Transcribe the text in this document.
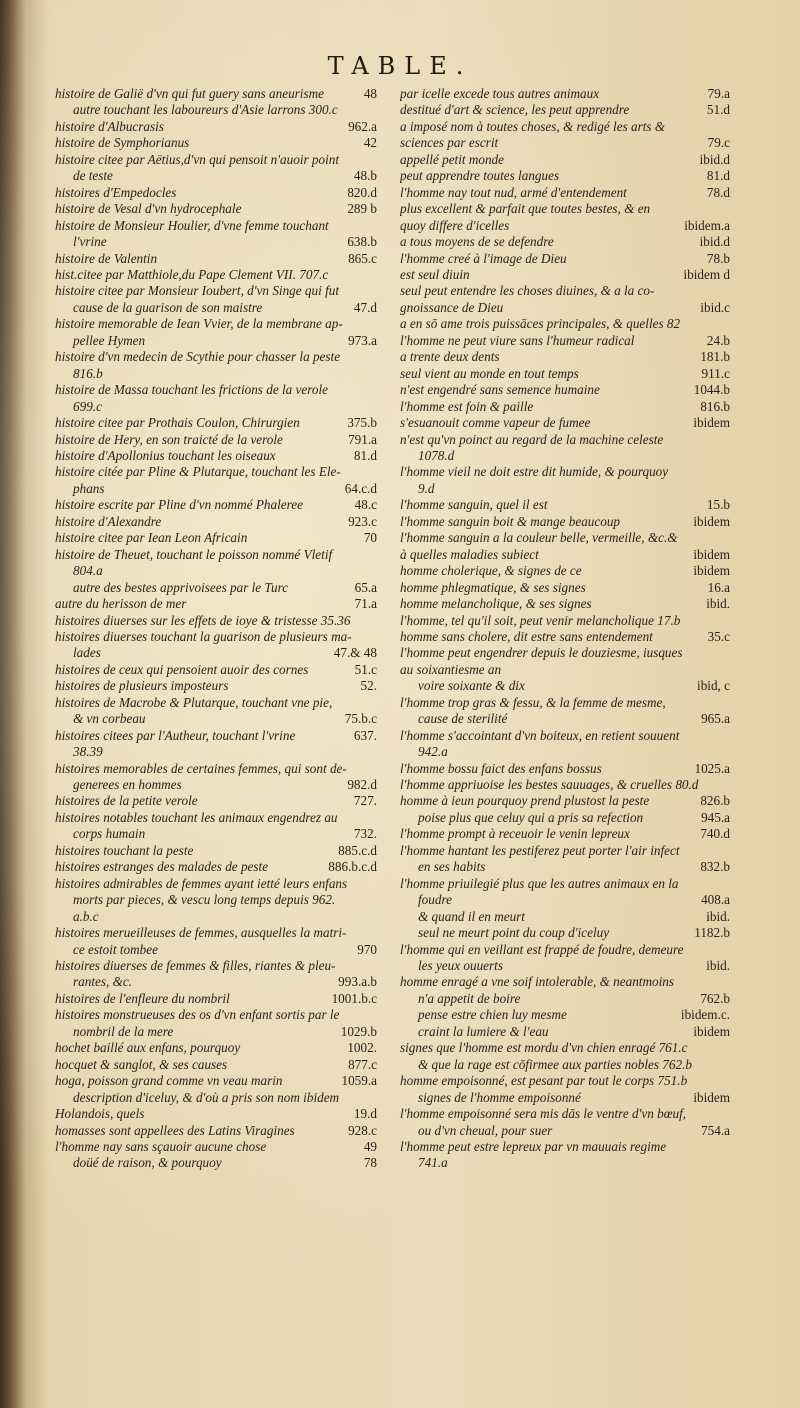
TABLE.
histoire de Galië d'vn qui fut guery sans aneurisme	48
autre touchant les laboureurs d'Asie larrons 300.c
histoire d'Albucrasis	962.a
histoire de Symphorianus	42
histoire citee par Aëtius,d'vn qui pensoit n'auoir point
de teste	48.b
histoires d'Empedocles	820.d
histoire de Vesal d'vn hydrocephale	289 b
histoire de Monsieur Houlier, d'vne femme touchant
l'vrine	638.b
histoire de Valentin	865.c
hist.citee par Matthiole,du Pape Clement VII. 707.c
histoire citee par Monsieur Ioubert, d'vn Singe qui fut
cause de la guarison de son maistre	47.d
histoire memorable de Iean Vvier, de la membrane ap-
pellee Hymen	973.a
histoire d'vn medecin de Scythie pour chasser la peste
816.b
histoire de Massa touchant les frictions de la verole
699.c
histoire citee par Prothais Coulon, Chirurgien	375.b
histoire de Hery, en son traicté de la verole	791.a
histoire d'Apollonius touchant les oiseaux	81.d
histoire citée par Pline & Plutarque, touchant les Ele-
phans	64.c.d
histoire escrite par Pline d'vn nommé Phaleree	48.c
histoire d'Alexandre	923.c
histoire citee par Iean Leon Africain	70
histoire de Theuet, touchant le poisson nommé Vletif
804.a
autre des bestes apprivoisees par le Turc	65.a
autre du herisson de mer	71.a
histoires diuerses sur les effets de ioye & tristesse 35.36
histoires diuerses touchant la guarison de plusieurs ma-
lades	47.& 48
histoires de ceux qui pensoient auoir des cornes	51.c
histoires de plusieurs imposteurs	52.
histoires de Macrobe & Plutarque, touchant vne pie,
& vn corbeau	75.b.c
histoires citees par l'Autheur, touchant l'vrine	637.
38.39
histoires memorables de certaines femmes, qui sont de-
generees en hommes	982.d
histoires de la petite verole	727.
histoires notables touchant les animaux engendrez au
corps humain	732.
histoires touchant la peste	885.c.d
histoires estranges des malades de peste	886.b.c.d
histoires admirables de femmes ayant ietté leurs enfans
morts par pieces, & vescu long temps depuis 962.
a.b.c
histoires merueilleuses de femmes, ausquelles la matri-
ce estoit tombee	970
histoires diuerses de femmes & filles, riantes & pleu-
rantes, &c.	993.a.b
histoires de l'enfleure du nombril	1001.b.c
histoires monstrueuses des os d'vn enfant sortis par le
nombril de la mere	1029.b
hochet baillé aux enfans, pourquoy	1002.
hocquet & sanglot, & ses causes	877.c
hoga, poisson grand comme vn veau marin	1059.a
description d'iceluy, & d'où a pris son nom ibidem
Holandois, quels	19.d
homasses sont appellees des Latins Viragines	928.c
l'homme nay sans sçauoir aucune chose	49
doüé de raison, & pourquoy	78
par icelle excede tous autres animaux	79.a
destitué d'art & science, les peut apprendre	51.d
a imposé nom à toutes choses, & redigé les arts &
sciences par escrit	79.c
appellé petit monde	ibid.d
peut apprendre toutes langues	81.d
l'homme nay tout nud, armé d'entendement	78.d
plus excellent & parfait que toutes bestes, & en
quoy differe d'icelles	ibidem.a
a tous moyens de se defendre	ibid.d
l'homme creé à l'image de Dieu	78.b
est seul diuin	ibidem d
seul peut entendre les choses diuines, & a la co-
gnoissance de Dieu	ibid.c
a en sō ame trois puissāces principales, & quelles 82
l'homme ne peut viure sans l'humeur radical	24.b
a trente deux dents	181.b
seul vient au monde en tout temps	911.c
n'est engendré sans semence humaine	1044.b
l'homme est foin & paille	816.b
s'esuanouit comme vapeur de fumee	ibidem
n'est qu'vn poinct au regard de la machine celeste
1078.d
l'homme vieil ne doit estre dit humide, & pourquoy
9.d
l'homme sanguin, quel il est	15.b
l'homme sanguin boit & mange beaucoup	ibidem
l'homme sanguin a la couleur belle, vermeille, &c.&
à quelles maladies subiect	ibidem
homme cholerique, & signes de ce	ibidem
homme phlegmatique, & ses signes	16.a
homme melancholique, & ses signes	ibid.
l'homme, tel qu'il soit, peut venir melancholique 17.b
homme sans cholere, dit estre sans entendement	35.c
l'homme peut engendrer depuis le douziesme, iusques
au soixantiesme an
voire soixante & dix	ibid, c
l'homme trop gras & fessu, & la femme de mesme,
cause de sterilité	965.a
l'homme s'accointant d'vn boiteux, en retient souuent
942.a
l'homme bossu faict des enfans bossus	1025.a
l'homme appriuoise les bestes sauuages, & cruelles 80.d
homme à ieun pourquoy prend plustost la peste	826.b
poise plus que celuy qui a pris sa refection	945.a
l'homme prompt à receuoir le venin lepreux	740.d
l'homme hantant les pestiferez peut porter l'air infect
en ses habits	832.b
l'homme priuilegié plus que les autres animaux en la
foudre	408.a
& quand il en meurt	ibid.
seul ne meurt point du coup d'iceluy	1182.b
l'homme qui en veillant est frappé de foudre, demeure
les yeux ouuerts	ibid.
homme enragé a vne soif intolerable, & neantmoins
n'a appetit de boire	762.b
pense estre chien luy mesme	ibidem.c.
craint la lumiere & l'eau	ibidem
signes que l'homme est mordu d'vn chien enragé 761.c
& que la rage est cōfirmee aux parties nobles 762.b
homme empoisonné, est pesant par tout le corps 751.b
signes de l'homme empoisonné	ibidem
l'homme empoisonné sera mis dās le ventre d'vn bœuf,
ou d'vn cheual, pour suer	754.a
l'homme peut estre lepreux par vn mauuais regime
741.a
